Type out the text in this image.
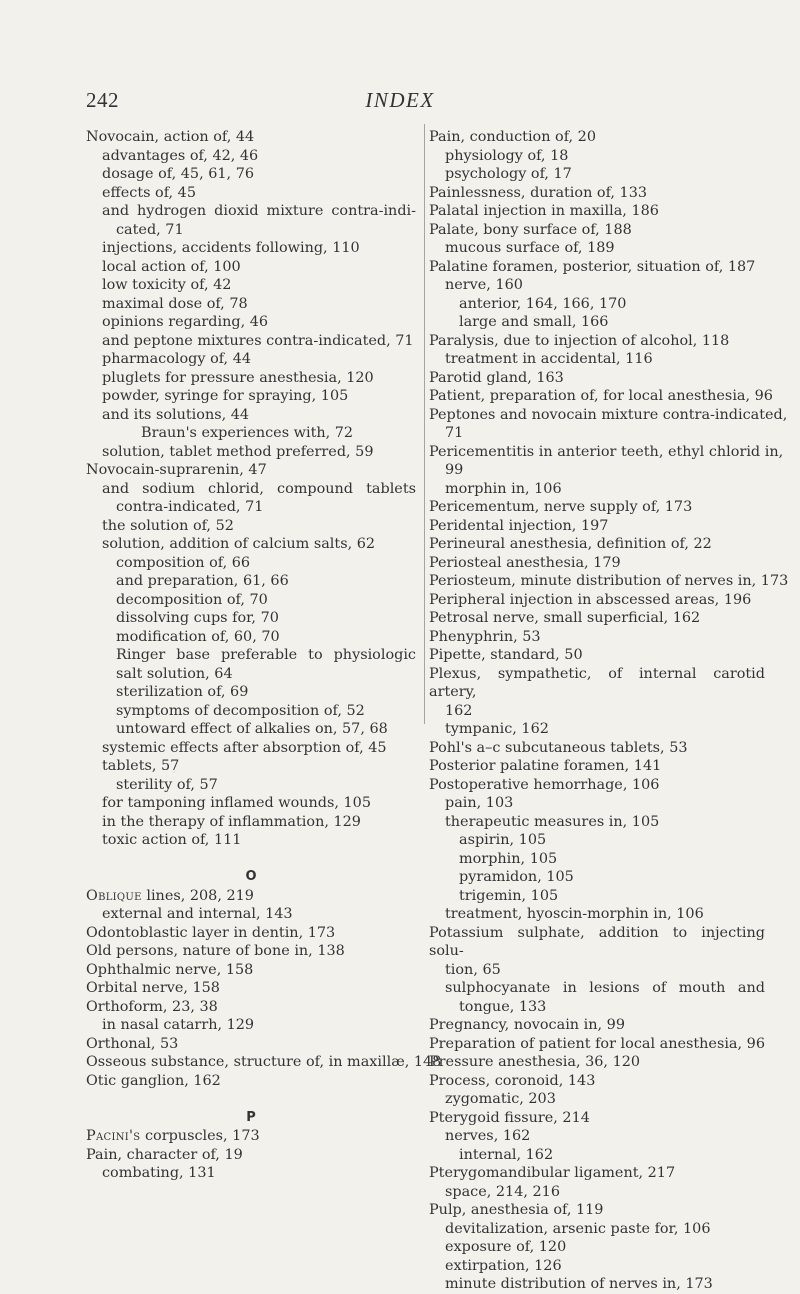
242	INDEX
Novocain, action of, 44
advantages of, 42, 46
dosage of, 45, 61, 76
effects of, 45
and hydrogen dioxid mixture contra-indi-
cated, 71
injections, accidents following, 110
local action of, 100
low toxicity of, 42
maximal dose of, 78
opinions regarding, 46
and peptone mixtures contra-indicated, 71
pharmacology of, 44
pluglets for pressure anesthesia, 120
powder, syringe for spraying, 105
and its solutions, 44
Braun's experiences with, 72
solution, tablet method preferred, 59
Novocain-suprarenin, 47
and sodium chlorid, compound tablets
contra-indicated, 71
the solution of, 52
solution, addition of calcium salts, 62
composition of, 66
and preparation, 61, 66
decomposition of, 70
dissolving cups for, 70
modification of, 60, 70
Ringer base preferable to physiologic
salt solution, 64
sterilization of, 69
symptoms of decomposition of, 52
untoward effect of alkalies on, 57, 68
systemic effects after absorption of, 45
tablets, 57
sterility of, 57
for tamponing inflamed wounds, 105
in the therapy of inflammation, 129
toxic action of, 111
O
Oblique lines, 208, 219
external and internal, 143
Odontoblastic layer in dentin, 173
Old persons, nature of bone in, 138
Ophthalmic nerve, 158
Orbital nerve, 158
Orthoform, 23, 38
in nasal catarrh, 129
Orthonal, 53
Osseous substance, structure of, in maxillæ, 148
Otic ganglion, 162
P
Pacini's corpuscles, 173
Pain, character of, 19
combating, 131
Pain, conduction of, 20
physiology of, 18
psychology of, 17
Painlessness, duration of, 133
Palatal injection in maxilla, 186
Palate, bony surface of, 188
mucous surface of, 189
Palatine foramen, posterior, situation of, 187
nerve, 160
anterior, 164, 166, 170
large and small, 166
Paralysis, due to injection of alcohol, 118
treatment in accidental, 116
Parotid gland, 163
Patient, preparation of, for local anesthesia, 96
Peptones and novocain mixture contra-indicated,
71
Pericementitis in anterior teeth, ethyl chlorid in,
99
morphin in, 106
Pericementum, nerve supply of, 173
Peridental injection, 197
Perineural anesthesia, definition of, 22
Periosteal anesthesia, 179
Periosteum, minute distribution of nerves in, 173
Peripheral injection in abscessed areas, 196
Petrosal nerve, small superficial, 162
Phenyphrin, 53
Pipette, standard, 50
Plexus, sympathetic, of internal carotid artery,
162
tympanic, 162
Pohl's a–c subcutaneous tablets, 53
Posterior palatine foramen, 141
Postoperative hemorrhage, 106
pain, 103
therapeutic measures in, 105
aspirin, 105
morphin, 105
pyramidon, 105
trigemin, 105
treatment, hyoscin-morphin in, 106
Potassium sulphate, addition to injecting solu-
tion, 65
sulphocyanate in lesions of mouth and
tongue, 133
Pregnancy, novocain in, 99
Preparation of patient for local anesthesia, 96
Pressure anesthesia, 36, 120
Process, coronoid, 143
zygomatic, 203
Pterygoid fissure, 214
nerves, 162
internal, 162
Pterygomandibular ligament, 217
space, 214, 216
Pulp, anesthesia of, 119
devitalization, arsenic paste for, 106
exposure of, 120
extirpation, 126
minute distribution of nerves in, 173
